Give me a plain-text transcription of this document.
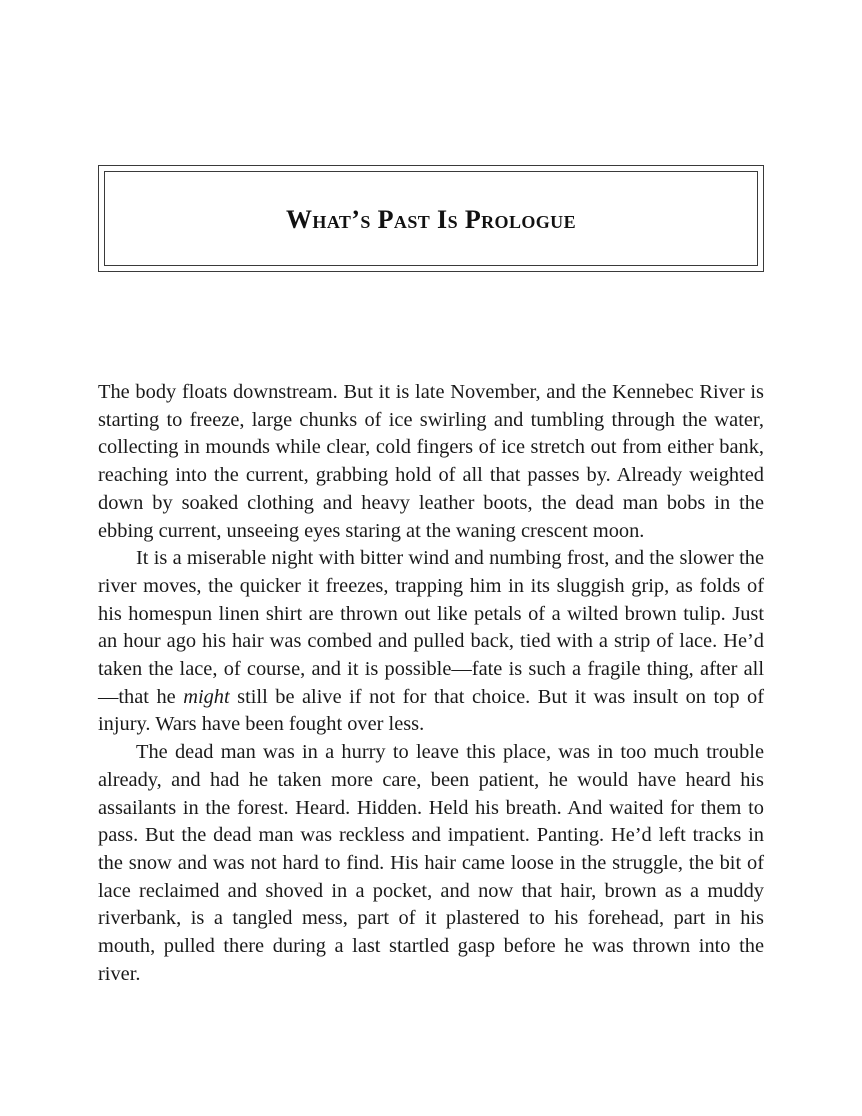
What’s Past Is Prologue

The body floats downstream. But it is late November, and the Kennebec River is starting to freeze, large chunks of ice swirling and tumbling through the water, collecting in mounds while clear, cold fingers of ice stretch out from either bank, reaching into the current, grabbing hold of all that passes by. Already weighted down by soaked clothing and heavy leather boots, the dead man bobs in the ebbing current, unseeing eyes staring at the waning crescent moon.

It is a miserable night with bitter wind and numbing frost, and the slower the river moves, the quicker it freezes, trapping him in its sluggish grip, as folds of his homespun linen shirt are thrown out like petals of a wilted brown tulip. Just an hour ago his hair was combed and pulled back, tied with a strip of lace. He’d taken the lace, of course, and it is possible—fate is such a fragile thing, after all—that he might still be alive if not for that choice. But it was insult on top of injury. Wars have been fought over less.

The dead man was in a hurry to leave this place, was in too much trouble already, and had he taken more care, been patient, he would have heard his assailants in the forest. Heard. Hidden. Held his breath. And waited for them to pass. But the dead man was reckless and impatient. Panting. He’d left tracks in the snow and was not hard to find. His hair came loose in the struggle, the bit of lace reclaimed and shoved in a pocket, and now that hair, brown as a muddy riverbank, is a tangled mess, part of it plastered to his forehead, part in his mouth, pulled there during a last startled gasp before he was thrown into the river.
